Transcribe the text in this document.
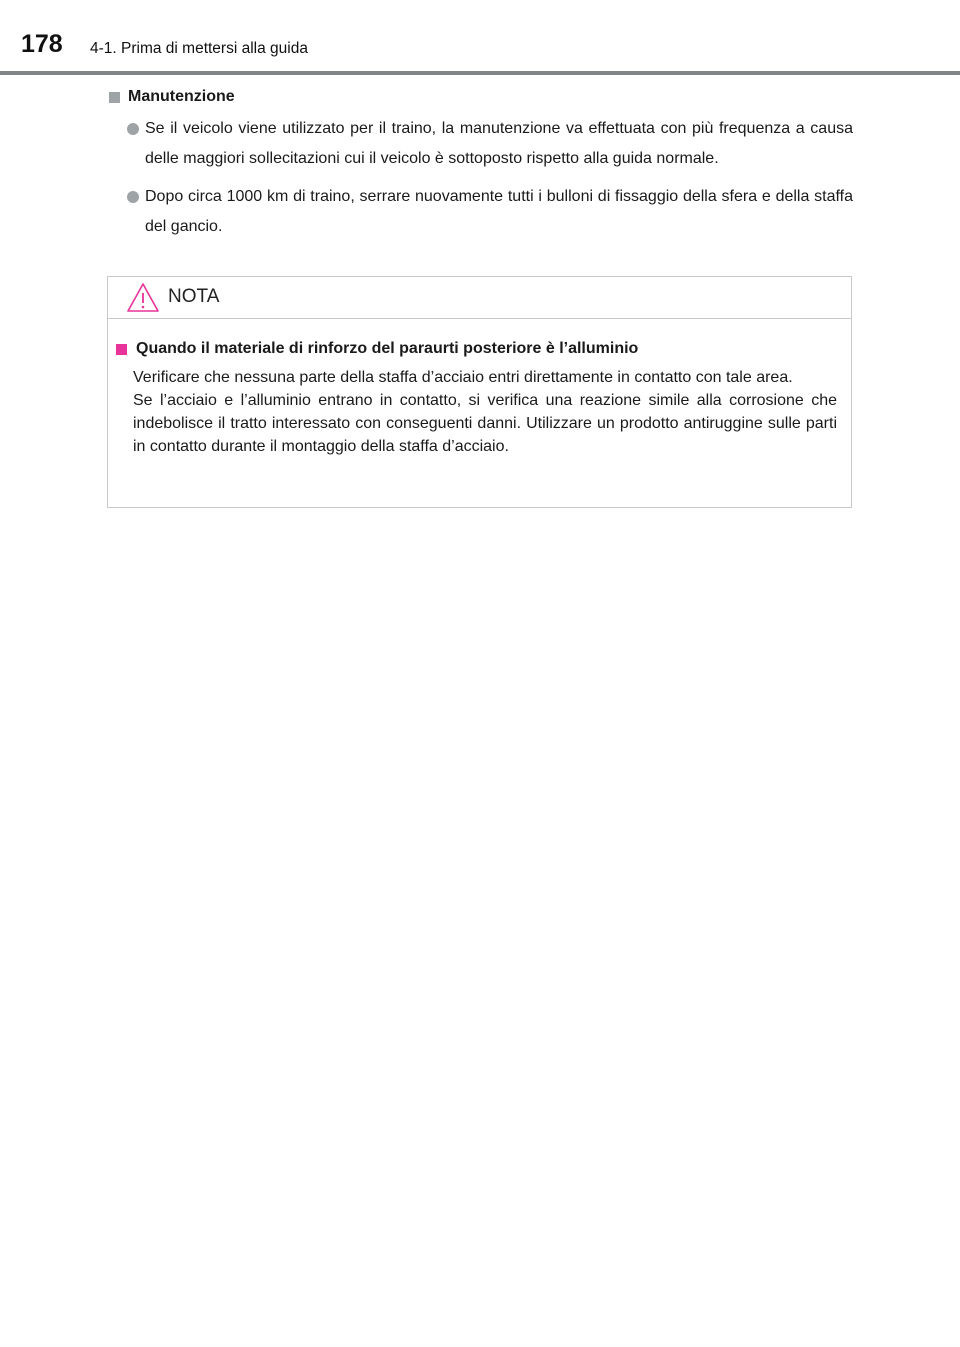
178 4-1. Prima di mettersi alla guida
Manutenzione
Se il veicolo viene utilizzato per il traino, la manutenzione va effettuata con più frequenza a causa delle maggiori sollecitazioni cui il veicolo è sottoposto rispetto alla guida normale.
Dopo circa 1000 km di traino, serrare nuovamente tutti i bulloni di fissaggio della sfera e della staffa del gancio.
NOTA
Quando il materiale di rinforzo del paraurti posteriore è l’alluminio

Verificare che nessuna parte della staffa d’acciaio entri direttamente in contatto con tale area.

Se l’acciaio e l’alluminio entrano in contatto, si verifica una reazione simile alla corrosione che indebolisce il tratto interessato con conseguenti danni. Utilizzare un prodotto antiruggine sulle parti in contatto durante il montaggio della staffa d’acciaio.
